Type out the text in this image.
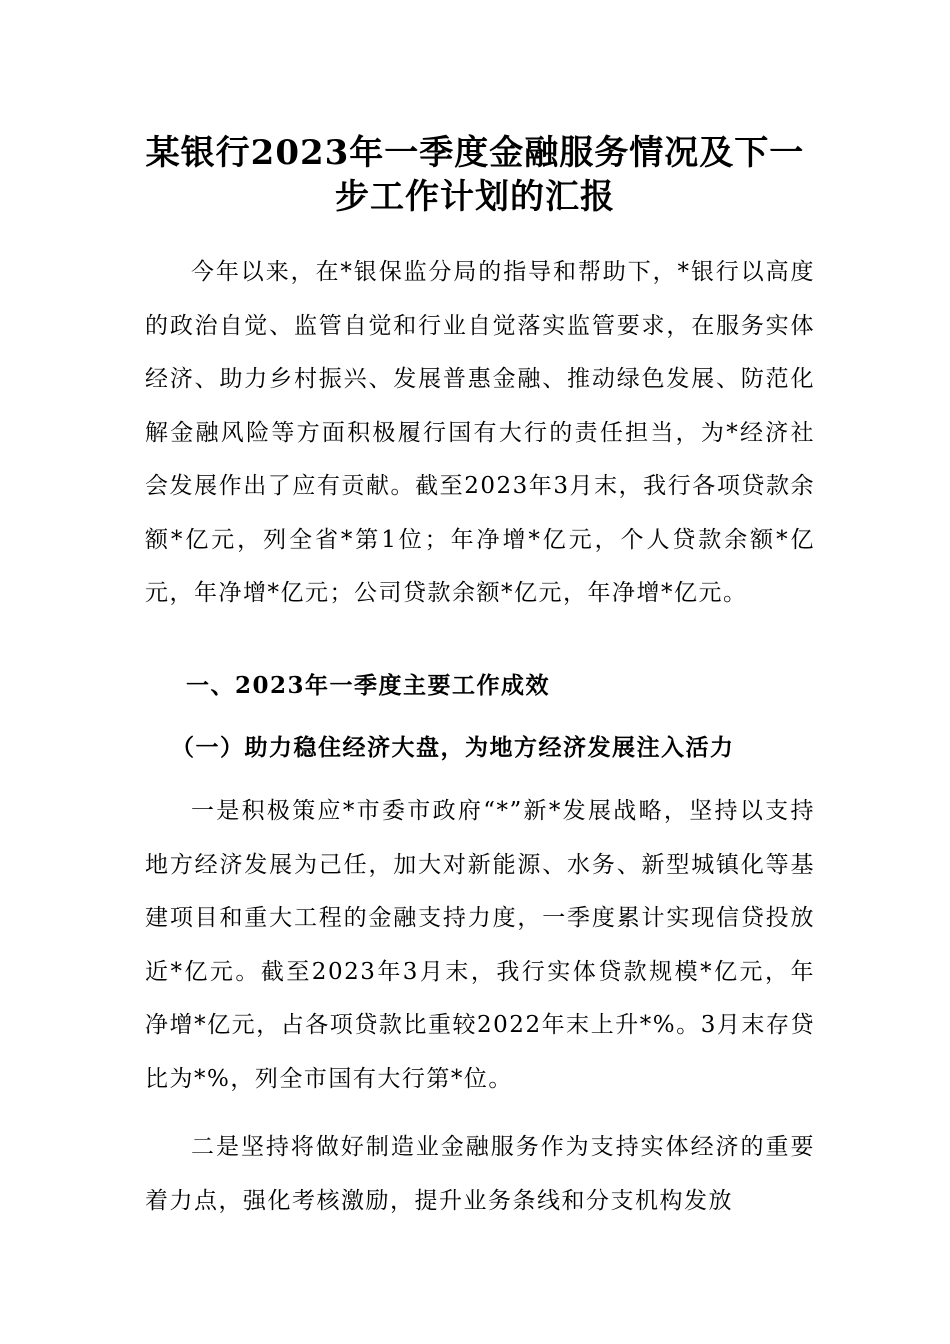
某银行2023年一季度金融服务情况及下一
步工作计划的汇报
今年以来，在*银保监分局的指导和帮助下，*银行以高度的政治自觉、监管自觉和行业自觉落实监管要求，在服务实体经济、助力乡村振兴、发展普惠金融、推动绿色发展、防范化解金融风险等方面积极履行国有大行的责任担当，为*经济社会发展作出了应有贡献。截至2023年3月末，我行各项贷款余额*亿元，列全省*第1位；年净增*亿元，个人贷款余额*亿元，年净增*亿元；公司贷款余额*亿元，年净增*亿元。
一、2023年一季度主要工作成效
（一）助力稳住经济大盘，为地方经济发展注入活力
一是积极策应*市委市政府“*”新*发展战略，坚持以支持地方经济发展为己任，加大对新能源、水务、新型城镇化等基建项目和重大工程的金融支持力度，一季度累计实现信贷投放近*亿元。截至2023年3月末，我行实体贷款规模*亿元，年净增*亿元，占各项贷款比重较2022年末上升*%。3月末存贷比为*%，列全市国有大行第*位。
二是坚持将做好制造业金融服务作为支持实体经济的重要着力点，强化考核激励，提升业务条线和分支机构发放
